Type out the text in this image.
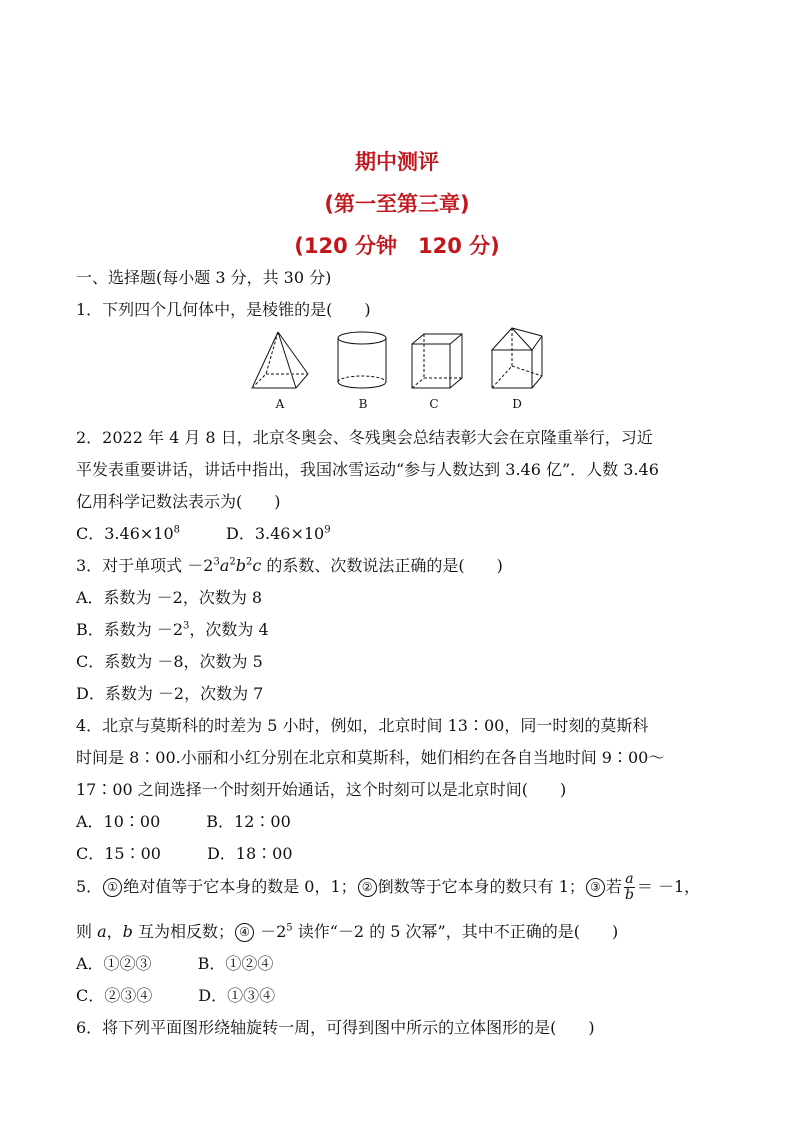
期中测评
(第一至第三章)
(120 分钟　120 分)
一、选择题(每小题 3 分，共 30 分)
1．下列四个几何体中，是棱锥的是(　　)
A	B	C	D
2．2022 年 4 月 8 日，北京冬奥会、冬残奥会总结表彰大会在京隆重举行，习近
平发表重要讲话，讲话中指出，我国冰雪运动“参与人数达到 3.46 亿”．人数 3.46
亿用科学记数法表示为(　　)
C．$3.46\times 10^8$	D．$3.46\times 10^9$
3．对于单项式 $-2^3a^2b^2c$ 的系数、次数说法正确的是(　　)
A．系数为 －2，次数为 8
B．系数为 $-2^3$，次数为 4
C．系数为 －8，次数为 5
D．系数为 －2，次数为 7
4．北京与莫斯科的时差为 5 小时，例如，北京时间 13∶00，同一时刻的莫斯科
时间是 8∶00.小丽和小红分别在北京和莫斯科，她们相约在各自当地时间 9∶00～
17∶00 之间选择一个时刻开始通话，这个时刻可以是北京时间(　　)
A．10∶00	B．12∶00
C．15∶00	D．18∶00
5． ① 绝对值等于它本身的数是 0，1； ② 倒数等于它本身的数只有 1； ③ 若 $\frac{a}{b} = -1$，
则 a，b 互为相反数； ④ $-2^5$ 读作“－2 的 5 次幂”，其中不正确的是(　　)
A．①②③	B．①②④
C．②③④	D．①③④
6．将下列平面图形绕轴旋转一周，可得到图中所示的立体图形的是(　　)
